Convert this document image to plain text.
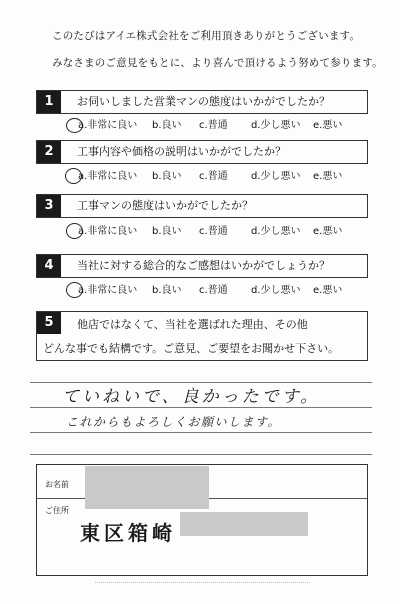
このたびはアイエ株式会社をご利用頂きありがとうございます。
みなさまのご意見をもとに、より喜んで頂けるよう努めて参ります。
1	お伺いしました営業マンの態度はいかがでしたか？
a.非常に良い b.良い c.普通 d.少し悪い e.悪い
2	工事内容や価格の説明はいかがでしたか？
a.非常に良い b.良い c.普通 d.少し悪い e.悪い
3	工事マンの態度はいかがでしたか？
a.非常に良い b.良い c.普通 d.少し悪い e.悪い
4	当社に対する総合的なご感想はいかがでしょうか？
a.非常に良い b.良い c.普通 d.少し悪い e.悪い
5	他店ではなくて、当社を選ばれた理由、その他
どんな事でも結構です。ご意見、ご要望をお聞かせ下さい。
ていねいで、良かったです。
これからもよろしくお願いします。
お名前
ご住所
東区箱崎
